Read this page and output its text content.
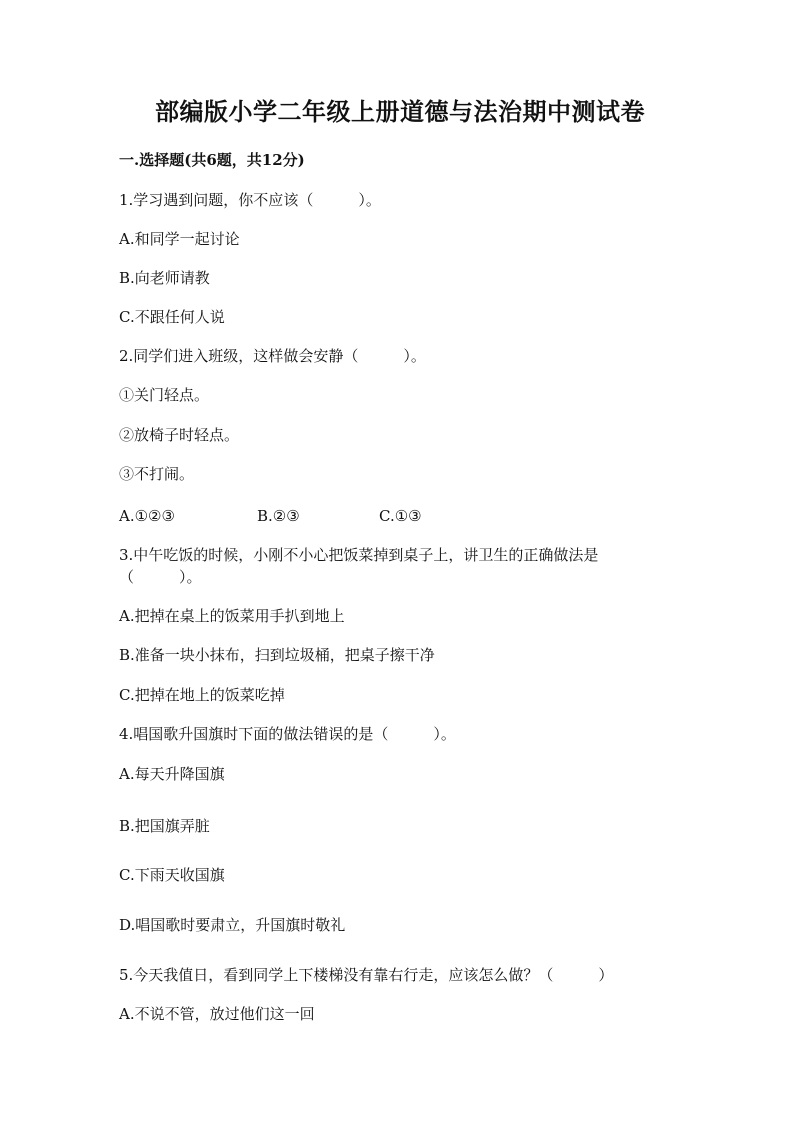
部编版小学二年级上册道德与法治期中测试卷
一.选择题(共6题，共12分)
1.学习遇到问题，你不应该（　　　）。
A.和同学一起讨论
B.向老师请教
C.不跟任何人说
2.同学们进入班级，这样做会安静（　　　）。
①关门轻点。
②放椅子时轻点。
③不打闹。
A.①②③	B.②③	C.①③
3.中午吃饭的时候，小刚不小心把饭菜掉到桌子上，讲卫生的正确做法是
（　　　）。
A.把掉在桌上的饭菜用手扒到地上
B.准备一块小抹布，扫到垃圾桶，把桌子擦干净
C.把掉在地上的饭菜吃掉
4.唱国歌升国旗时下面的做法错误的是（　　　）。
A.每天升降国旗
B.把国旗弄脏
C.下雨天收国旗
D.唱国歌时要肃立，升国旗时敬礼
5.今天我值日，看到同学上下楼梯没有靠右行走，应该怎么做？（　　　）
A.不说不管，放过他们这一回
